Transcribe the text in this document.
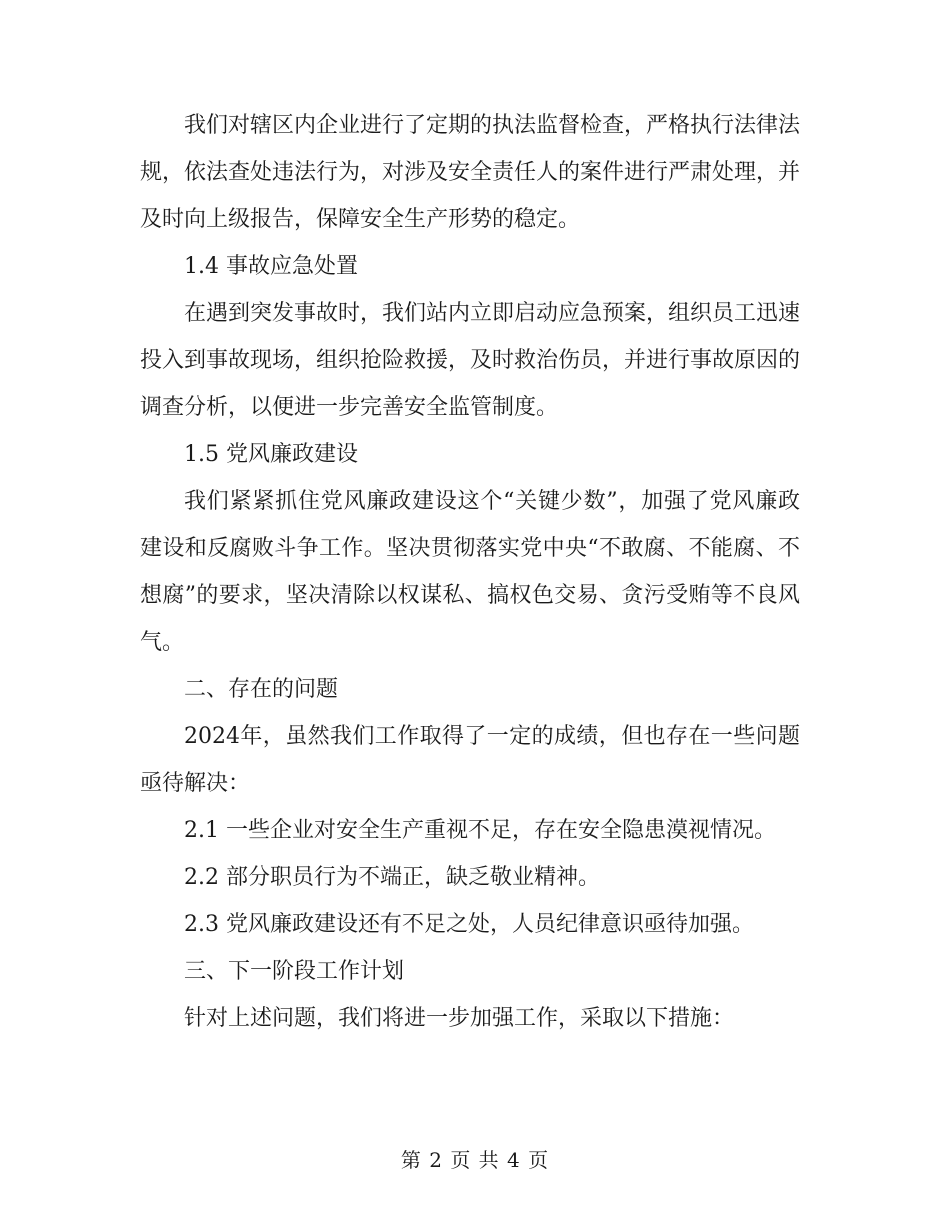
我们对辖区内企业进行了定期的执法监督检查，严格执行法律法规，依法查处违法行为，对涉及安全责任人的案件进行严肃处理，并及时向上级报告，保障安全生产形势的稳定。

1.4 事故应急处置

在遇到突发事故时，我们站内立即启动应急预案，组织员工迅速投入到事故现场，组织抢险救援，及时救治伤员，并进行事故原因的调查分析，以便进一步完善安全监管制度。

1.5 党风廉政建设

我们紧紧抓住党风廉政建设这个“关键少数”，加强了党风廉政建设和反腐败斗争工作。坚决贯彻落实党中央“不敢腐、不能腐、不想腐”的要求，坚决清除以权谋私、搞权色交易、贪污受贿等不良风气。

二、存在的问题

2024年，虽然我们工作取得了一定的成绩，但也存在一些问题亟待解决：

2.1 一些企业对安全生产重视不足，存在安全隐患漠视情况。

2.2 部分职员行为不端正，缺乏敬业精神。

2.3 党风廉政建设还有不足之处，人员纪律意识亟待加强。

三、下一阶段工作计划

针对上述问题，我们将进一步加强工作，采取以下措施：

第 2 页 共 4 页
